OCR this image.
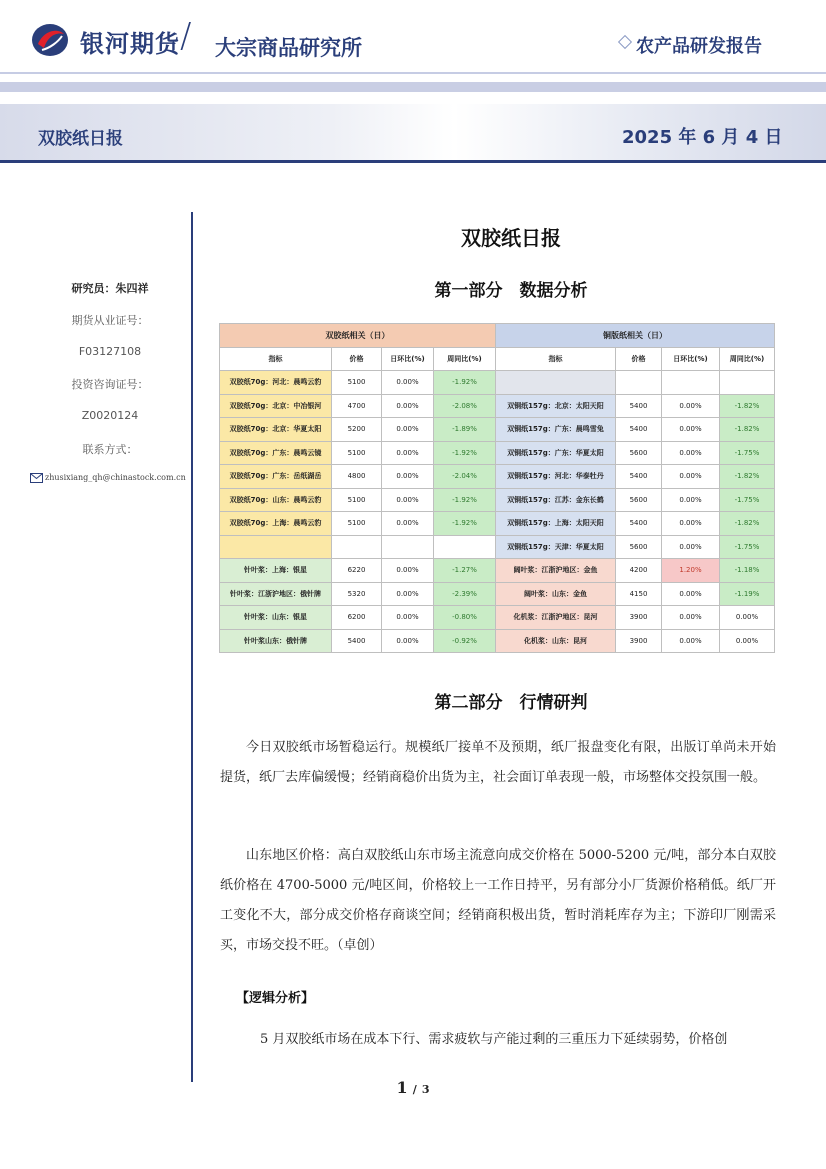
银河期货 / 大宗商品研究所	农产品研发报告
双胶纸日报	2025 年 6 月 4 日
研究员：朱四祥
期货从业证号：
F03127108
投资咨询证号：
Z0020124
联系方式：
zhusixiang_qh@chinastock.com.cn
双胶纸日报
第一部分　数据分析
双胶纸相关（日）				铜版纸相关（日）			
指标	价格	日环比(%)	周同比(%)	指标	价格	日环比(%)	周同比(%)
双胶纸70g：河北：晨鸣云豹	5100	0.00%	-1.92%				
双胶纸70g：北京：中冶银河	4700	0.00%	-2.08%	双铜纸157g：北京：太阳天阳	5400	0.00%	-1.82%
双胶纸70g：北京：华夏太阳	5200	0.00%	-1.89%	双铜纸157g：广东：晨鸣雪兔	5400	0.00%	-1.82%
双胶纸70g：广东：晨鸣云镜	5100	0.00%	-1.92%	双铜纸157g：广东：华夏太阳	5600	0.00%	-1.75%
双胶纸70g：广东：岳纸湖岳	4800	0.00%	-2.04%	双铜纸157g：河北：华泰牡丹	5400	0.00%	-1.82%
双胶纸70g：山东：晨鸣云豹	5100	0.00%	-1.92%	双铜纸157g：江苏：金东长鹤	5600	0.00%	-1.75%
双胶纸70g：上海：晨鸣云豹	5100	0.00%	-1.92%	双铜纸157g：上海：太阳天阳	5400	0.00%	-1.82%
				双铜纸157g：天津：华夏太阳	5600	0.00%	-1.75%
针叶浆：上海：银星	6220	0.00%	-1.27%	阔叶浆：江浙沪地区：金鱼	4200	1.20%	-1.18%
针叶浆：江浙沪地区：俄针牌	5320	0.00%	-2.39%	阔叶浆：山东：金鱼	4150	0.00%	-1.19%
针叶浆：山东：银星	6200	0.00%	-0.80%	化机浆：江浙沪地区：昆河	3900	0.00%	0.00%
针叶浆山东：俄针牌	5400	0.00%	-0.92%	化机浆：山东：昆河	3900	0.00%	0.00%
第二部分　行情研判
今日双胶纸市场暂稳运行。规模纸厂接单不及预期，纸厂报盘变化有限，出版订单尚未开始提货，纸厂去库偏缓慢；经销商稳价出货为主，社会面订单表现一般，市场整体交投氛围一般。
山东地区价格：高白双胶纸山东市场主流意向成交价格在 5000-5200 元/吨，部分本白双胶纸价格在 4700-5000 元/吨区间，价格较上一工作日持平，另有部分小厂货源价格稍低。纸厂开工变化不大，部分成交价格存商谈空间；经销商积极出货，暂时消耗库存为主；下游印厂刚需采买，市场交投不旺。（卓创）
【逻辑分析】
5 月双胶纸市场在成本下行、需求疲软与产能过剩的三重压力下延续弱势，价格创
1 / 3
